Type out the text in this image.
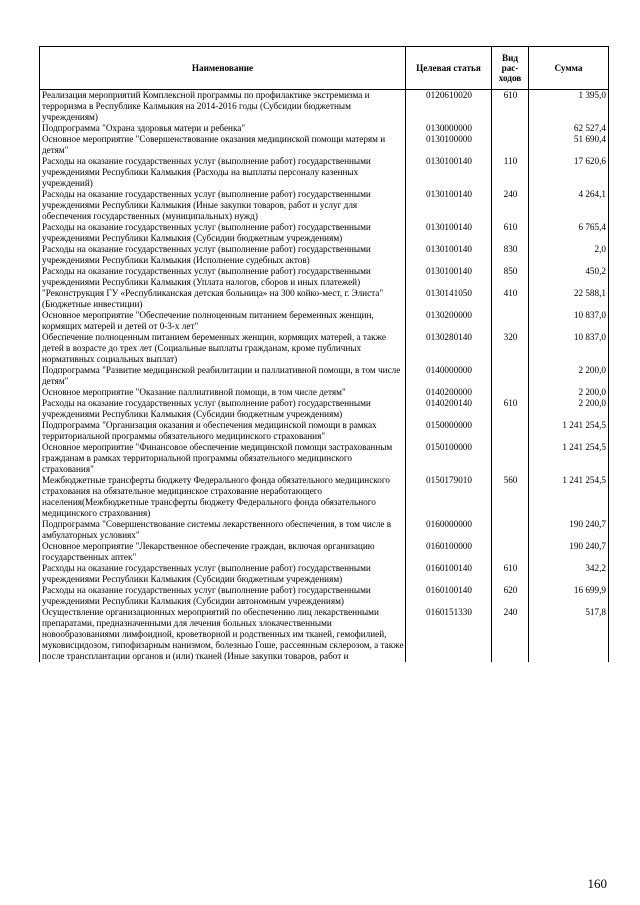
Наименование	Целевая статья	Вид
рас-
ходов	Сумма
Реализация мероприятий Комплексной программы по профилактике экстремизма и терроризма в Республике Калмыкия на 2014-2016 годы (Субсидии бюджетным учреждениям)	0120610020	610	1 395,0
Подпрограмма "Охрана здоровья матери и ребенка"	0130000000		62 527,4
Основное мероприятие "Совершенствование оказания медицинской помощи матерям и детям"	0130100000		51 690,4
Расходы на оказание государственных услуг (выполнение работ) государственными учреждениями Республики Калмыкия (Расходы на выплаты персоналу казенных учреждений)	0130100140	110	17 620,6
Расходы на оказание государственных услуг (выполнение работ) государственными учреждениями Республики Калмыкия (Иные закупки товаров, работ и услуг для обеспечения государственных (муниципальных) нужд)	0130100140	240	4 264,1
Расходы на оказание государственных услуг (выполнение работ) государственными учреждениями Республики Калмыкия (Субсидии бюджетным учреждениям)	0130100140	610	6 765,4
Расходы на оказание государственных услуг (выполнение работ) государственными учреждениями Республики Калмыкия (Исполнение судебных актов)	0130100140	830	2,0
Расходы на оказание государственных услуг (выполнение работ) государственными учреждениями Республики Калмыкия (Уплата налогов, сборов и иных платежей)	0130100140	850	450,2
"Реконструкция ГУ «Республиканская детская больница» на 300 койко-мест, г. Элиста"(Бюджетные инвестиции)	0130141050	410	22 588,1
Основное мероприятие "Обеспечение полноценным питанием беременных женщин, кормящих матерей и детей от 0-3-х лет"	0130200000		10 837,0
Обеспечение полноценным питанием беременных женщин, кормящих матерей, а также детей в возрасте до трех лет (Социальные выплаты гражданам, кроме публичных нормативных социальных выплат)	0130280140	320	10 837,0
Подпрограмма "Развитие медицинской реабилитации и паллиативной помощи, в том числе детям"	0140000000		2 200,0
Основное мероприятие "Оказание паллиативной помощи, в том числе детям"	0140200000		2 200,0
Расходы на оказание государственных услуг (выполнение работ) государственными учреждениями Республики Калмыкия (Субсидии бюджетным учреждениям)	0140200140	610	2 200,0
Подпрограмма "Организация оказания и обеспечения медицинской помощи в рамках территориальной программы обязательного медицинского страхования"	0150000000		1 241 254,5
Основное мероприятие "Финансовое обеспечение медицинской помощи застрахованным гражданам в рамках территориальной программы обязательного медицинского страхования"	0150100000		1 241 254,5
Межбюджетные трансферты бюджету Федерального фонда обязательного медицинского страхования на обязательное медицинское страхование неработающего населения(Межбюджетные трансферты бюджету Федерального фонда обязательного медицинского страхования)	0150179010	560	1 241 254,5
Подпрограмма "Совершенствование системы лекарственного обеспечения, в том числе в амбулаторных условиях"	0160000000		190 240,7
Основное мероприятие "Лекарственное обеспечение граждан, включая организацию государственных аптек"	0160100000		190 240,7
Расходы на оказание государственных услуг (выполнение работ) государственными учреждениями Республики Калмыкия (Субсидии бюджетным учреждениям)	0160100140	610	342,2
Расходы на оказание государственных услуг (выполнение работ) государственными учреждениями Республики Калмыкия (Субсидии автономным учреждениям)	0160100140	620	16 699,9
Осуществление организационных мероприятий по обеспечению лиц лекарственными препаратами, предназначенными для лечения больных злокачественными новообразованиями лимфоидной, кроветворной и родственных им тканей, гемофилией, муковисцидозом, гипофизарным нанизмом, болезнью Гоше, рассеянным склерозом, а также после трансплантации органов и (или) тканей (Иные закупки товаров, работ и	0160151330	240	517,8
160
